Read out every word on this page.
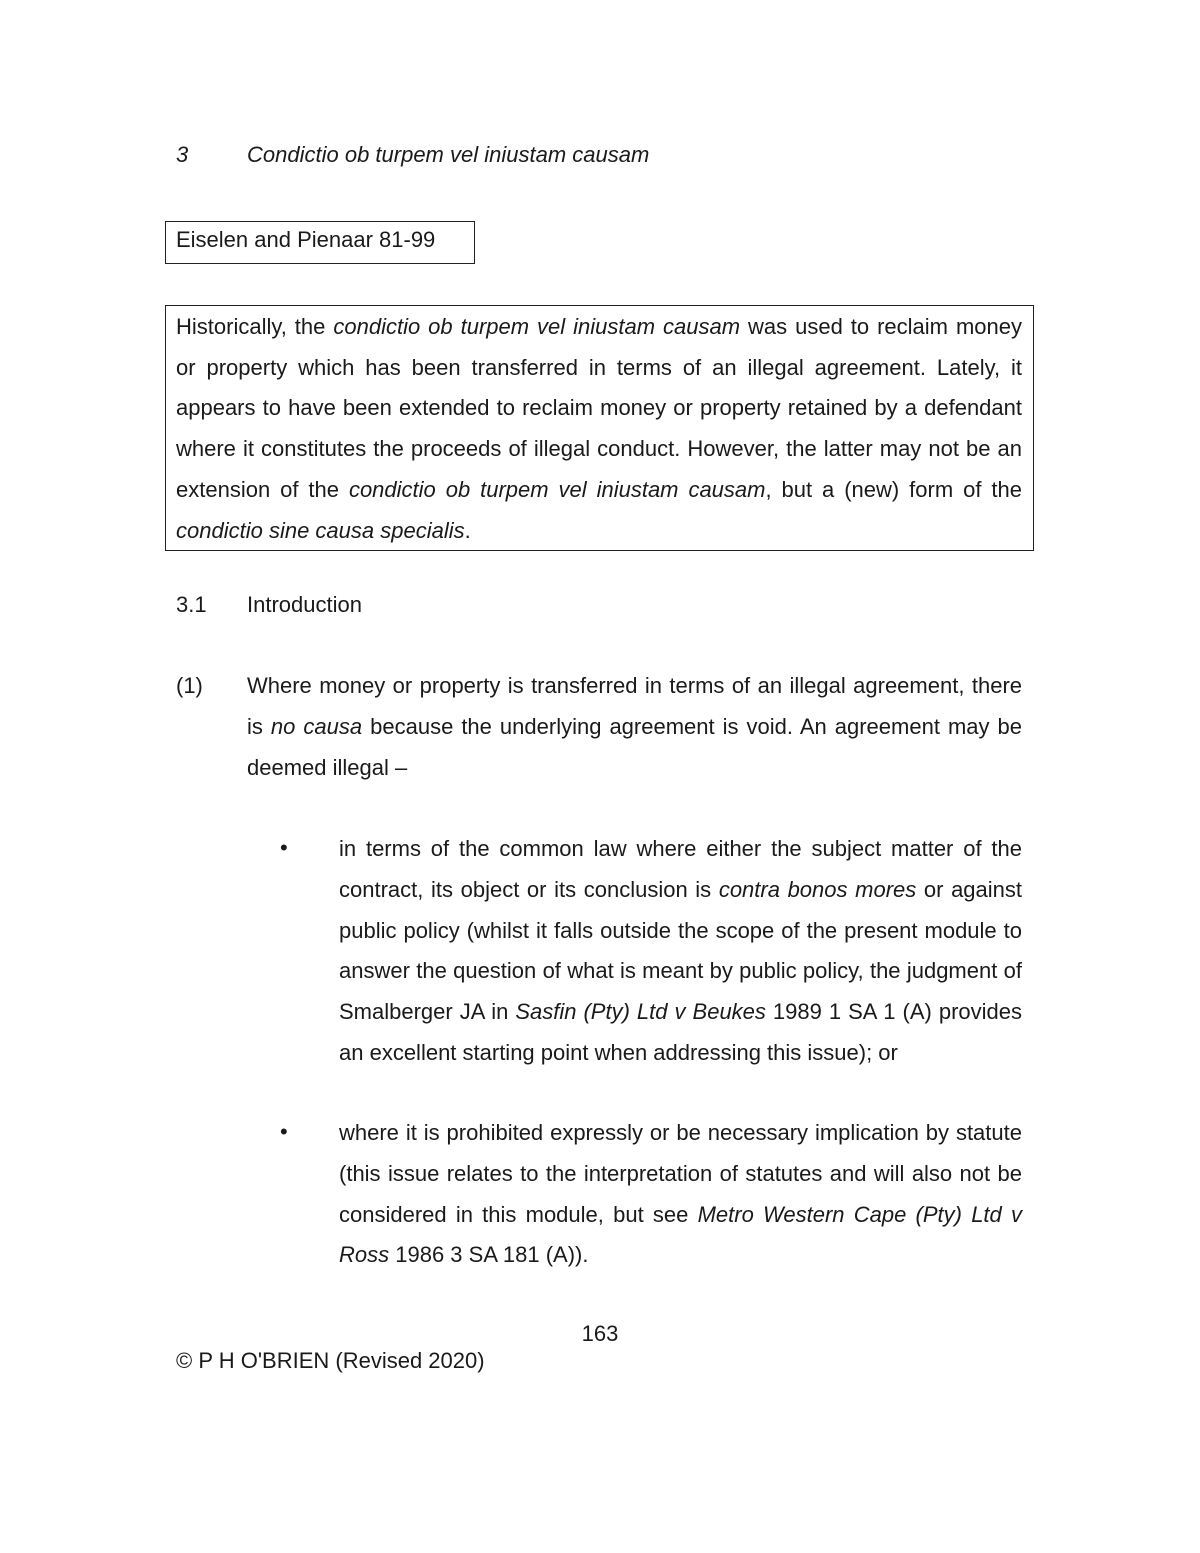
3	Condictio ob turpem vel iniustam causam
Eiselen and Pienaar 81-99
Historically, the condictio ob turpem vel iniustam causam was used to reclaim money or property which has been transferred in terms of an illegal agreement. Lately, it appears to have been extended to reclaim money or property retained by a defendant where it constitutes the proceeds of illegal conduct. However, the latter may not be an extension of the condictio ob turpem vel iniustam causam, but a (new) form of the condictio sine causa specialis.
3.1 Introduction
(1) Where money or property is transferred in terms of an illegal agreement, there is no causa because the underlying agreement is void. An agreement may be deemed illegal –
• in terms of the common law where either the subject matter of the contract, its object or its conclusion is contra bonos mores or against public policy (whilst it falls outside the scope of the present module to answer the question of what is meant by public policy, the judgment of Smalberger JA in Sasfin (Pty) Ltd v Beukes 1989 1 SA 1 (A) provides an excellent starting point when addressing this issue); or
• where it is prohibited expressly or be necessary implication by statute (this issue relates to the interpretation of statutes and will also not be considered in this module, but see Metro Western Cape (Pty) Ltd v Ross 1986 3 SA 181 (A)).
163
© P H O'BRIEN (Revised 2020)
